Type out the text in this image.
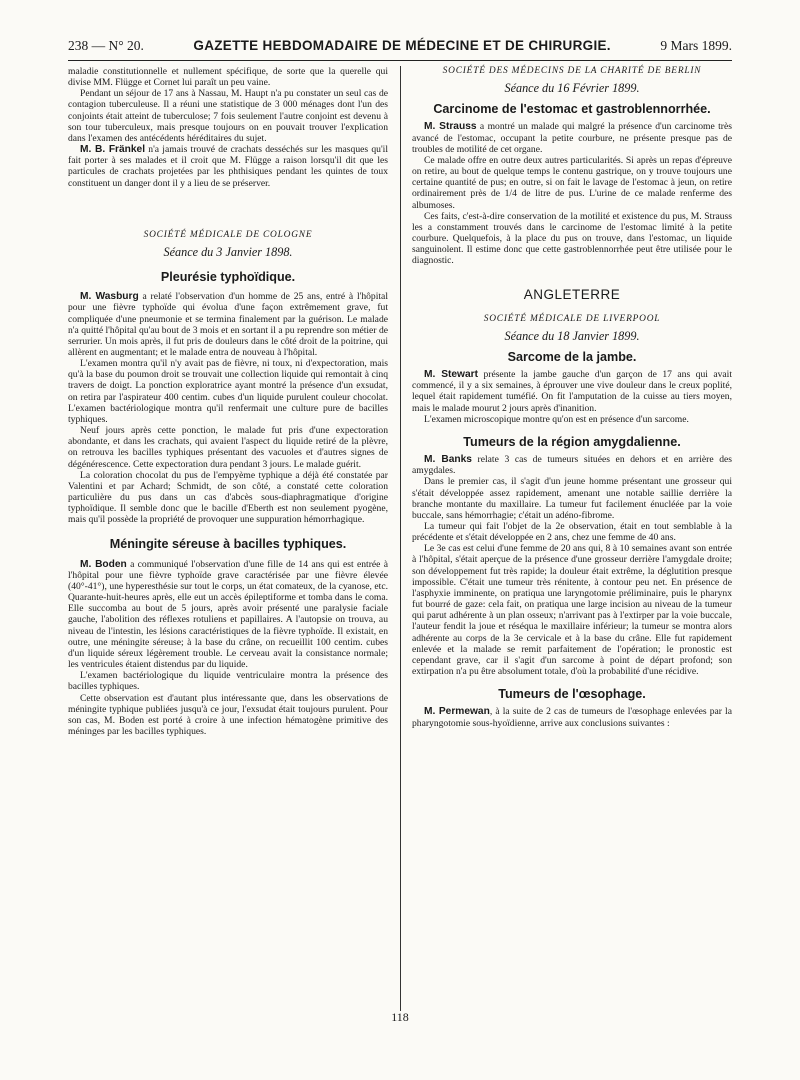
238 — N° 20.	GAZETTE HEBDOMADAIRE DE MÉDECINE ET DE CHIRURGIE.	9 Mars 1899.

maladie constitutionnelle et nullement spécifique, de sorte que la querelle qui divise MM. Flügge et Cornet lui paraît un peu vaine.

Pendant un séjour de 17 ans à Nassau, M. Haupt n'a pu constater un seul cas de contagion tuberculeuse. Il a réuni une statistique de 3 000 ménages dont l'un des conjoints était atteint de tuberculose; 7 fois seulement l'autre conjoint est devenu à son tour tuberculeux, mais presque toujours on en pouvait trouver l'explication dans l'examen des antécédents héréditaires du sujet.

M. B. Fränkel n'a jamais trouvé de crachats desséchés sur les masques qu'il fait porter à ses malades et il croit que M. Flügge a raison lorsqu'il dit que les particules de crachats projetées par les phthisiques pendant les quintes de toux constituent un danger dont il y a lieu de se préserver.

SOCIÉTÉ MÉDICALE DE COLOGNE

Séance du 3 Janvier 1898.

Pleurésie typhoïdique.

M. Wasburg a relaté l'observation d'un homme de 25 ans, entré à l'hôpital pour une fièvre typhoïde qui évolua d'une façon extrêmement grave, fut compliquée d'une pneumonie et se termina finalement par la guérison. Le malade n'a quitté l'hôpital qu'au bout de 3 mois et en sortant il a pu reprendre son métier de serrurier. Un mois après, il fut pris de douleurs dans le côté droit de la poitrine, qui allèrent en augmentant; et le malade entra de nouveau à l'hôpital.

L'examen montra qu'il n'y avait pas de fièvre, ni toux, ni d'expectoration, mais qu'à la base du poumon droit se trouvait une collection liquide qui remontait à cinq travers de doigt. La ponction exploratrice ayant montré la présence d'un exsudat, on retira par l'aspirateur 400 centim. cubes d'un liquide purulent couleur chocolat. L'examen bactériologique montra qu'il renfermait une culture pure de bacilles typhiques.

Neuf jours après cette ponction, le malade fut pris d'une expectoration abondante, et dans les crachats, qui avaient l'aspect du liquide retiré de la plèvre, on retrouva les bacilles typhiques présentant des vacuoles et d'autres signes de dégénérescence. Cette expectoration dura pendant 3 jours. Le malade guérit.

La coloration chocolat du pus de l'empyème typhique a déjà été constatée par Valentini et par Achard; Schmidt, de son côté, a constaté cette coloration particulière du pus dans un cas d'abcès sous-diaphragmatique d'origine typhoïdique. Il semble donc que le bacille d'Eberth est non seulement pyogène, mais qu'il possède la propriété de provoquer une suppuration hémorrhagique.

Méningite séreuse à bacilles typhiques.

M. Boden a communiqué l'observation d'une fille de 14 ans qui est entrée à l'hôpital pour une fièvre typhoïde grave caractérisée par une fièvre élevée (40°-41°), une hyperesthésie sur tout le corps, un état comateux, de la cyanose, etc. Quarante-huit-heures après, elle eut un accès épileptiforme et tomba dans le coma. Elle succomba au bout de 5 jours, après avoir présenté une paralysie faciale gauche, l'abolition des réflexes rotuliens et papillaires. A l'autopsie on trouva, au niveau de l'intestin, les lésions caractéristiques de la fièvre typhoïde. Il existait, en outre, une méningite séreuse; à la base du crâne, on recueillit 100 centim. cubes d'un liquide séreux légèrement trouble. Le cerveau avait la consistance normale; les ventricules étaient distendus par du liquide.

L'examen bactériologique du liquide ventriculaire montra la présence des bacilles typhiques.

Cette observation est d'autant plus intéressante que, dans les observations de méningite typhique publiées jusqu'à ce jour, l'exsudat était toujours purulent. Pour son cas, M. Boden est porté à croire à une infection hématogène primitive des méninges par les bacilles typhiques.

SOCIÉTÉ DES MÉDECINS DE LA CHARITÉ DE BERLIN

Séance du 16 Février 1899.

Carcinome de l'estomac et gastroblennorrhée.

M. Strauss a montré un malade qui malgré la présence d'un carcinome très avancé de l'estomac, occupant la petite courbure, ne présente presque pas de troubles de motilité de cet organe.

Ce malade offre en outre deux autres particularités. Si après un repas d'épreuve on retire, au bout de quelque temps le contenu gastrique, on y trouve toujours une certaine quantité de pus; en outre, si on fait le lavage de l'estomac à jeun, on retire ordinairement près de 1/4 de litre de pus. L'urine de ce malade renferme des albumoses.

Ces faits, c'est-à-dire conservation de la motilité et existence du pus, M. Strauss les a constamment trouvés dans le carcinome de l'estomac limité à la petite courbure. Quelquefois, à la place du pus on trouve, dans l'estomac, un liquide sanguinolent. Il estime donc que cette gastroblennorrhée peut être utilisée pour le diagnostic.

ANGLETERRE

SOCIÉTÉ MÉDICALE DE LIVERPOOL

Séance du 18 Janvier 1899.

Sarcome de la jambe.

M. Stewart présente la jambe gauche d'un garçon de 17 ans qui avait commencé, il y a six semaines, à éprouver une vive douleur dans le creux poplité, lequel était rapidement tuméfié. On fit l'amputation de la cuisse au tiers moyen, mais le malade mourut 2 jours après d'inanition.

L'examen microscopique montre qu'on est en présence d'un sarcome.

Tumeurs de la région amygdalienne.

M. Banks relate 3 cas de tumeurs situées en dehors et en arrière des amygdales.

Dans le premier cas, il s'agit d'un jeune homme présentant une grosseur qui s'était développée assez rapidement, amenant une notable saillie derrière la branche montante du maxillaire. La tumeur fut facilement énucléée par la voie buccale, sans hémorrhagie; c'était un adéno-fibrome.

La tumeur qui fait l'objet de la 2e observation, était en tout semblable à la précédente et s'était développée en 2 ans, chez une femme de 40 ans.

Le 3e cas est celui d'une femme de 20 ans qui, 8 à 10 semaines avant son entrée à l'hôpital, s'était aperçue de la présence d'une grosseur derrière l'amygdale droite; son développement fut très rapide; la douleur était extrême, la déglutition presque impossible. C'était une tumeur très rénitente, à contour peu net. En présence de l'asphyxie imminente, on pratiqua une laryngotomie préliminaire, puis le pharynx fut bourré de gaze: cela fait, on pratiqua une large incision au niveau de la tumeur qui parut adhérente à un plan osseux; n'arrivant pas à l'extirper par la voie buccale, l'auteur fendit la joue et réséqua le maxillaire inférieur; la tumeur se montra alors adhérente au corps de la 3e cervicale et à la base du crâne. Elle fut rapidement enlevée et la malade se remit parfaitement de l'opération; le pronostic est cependant grave, car il s'agit d'un sarcome à point de départ profond; son extirpation n'a pu être absolument totale, d'où la probabilité d'une récidive.

Tumeurs de l'œsophage.

M. Permewan, à la suite de 2 cas de tumeurs de l'œsophage enlevées par la pharyngotomie sous-hyoïdienne, arrive aux conclusions suivantes :

118
